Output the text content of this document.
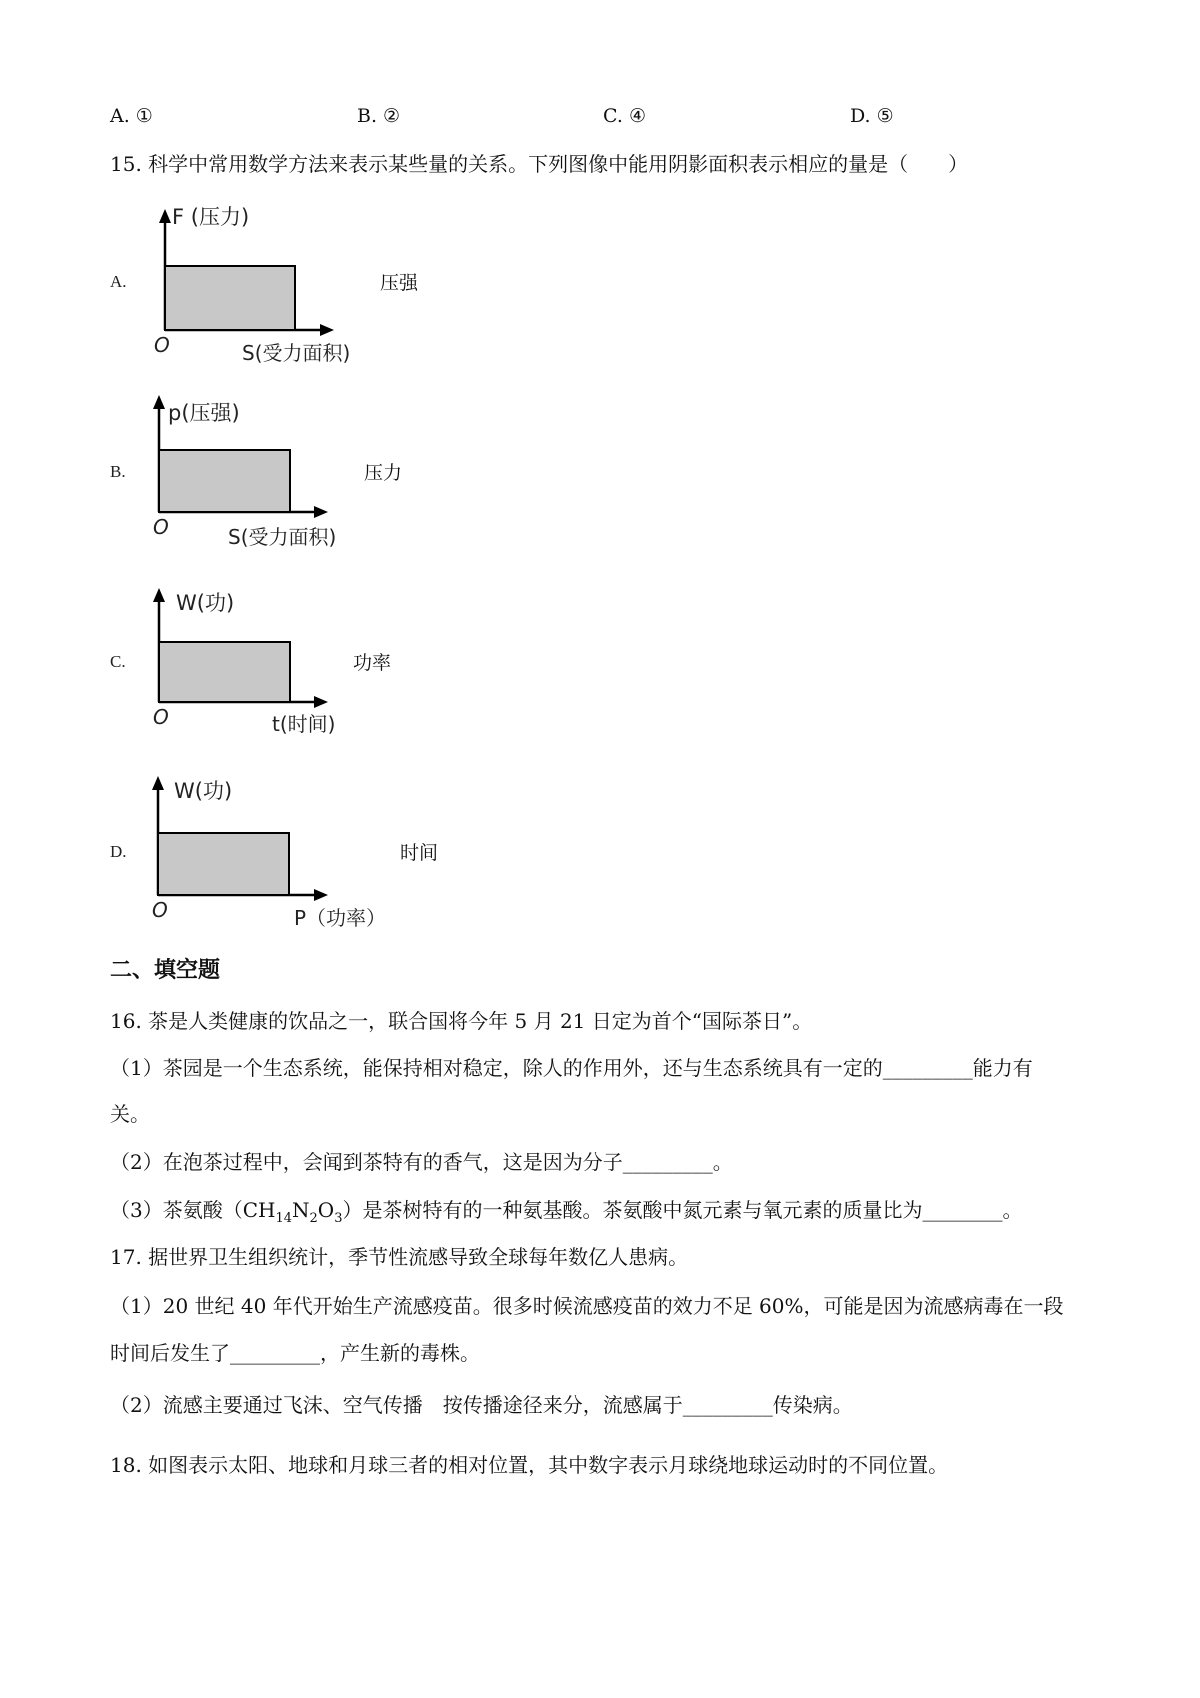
A. ①	B. ②	C. ④	D. ⑤
15. 科学中常用数学方法来表示某些量的关系。下列图像中能用阴影面积表示相应的量是（　　）
A.
F (压力)
O	S(受力面积)
压强
B.
p(压强)
O	S(受力面积)
压力
C.
W(功)
O	t(时间)
功率
D.
W(功)
O	P（功率）
时间
二、填空题
16. 茶是人类健康的饮品之一，联合国将今年 5 月 21 日定为首个“国际茶日”。
（1）茶园是一个生态系统，能保持相对稳定，除人的作用外，还与生态系统具有一定的_________能力有
关。
（2）在泡茶过程中，会闻到茶特有的香气，这是因为分子_________。
（3）茶氨酸$(CH_{14}N_2O_3)$是茶树特有的一种氨基酸。茶氨酸中氮元素与氧元素的质量比为________。
17. 据世界卫生组织统计，季节性流感导致全球每年数亿人患病。
（1）20 世纪 40 年代开始生产流感疫苗。很多时候流感疫苗的效力不足 60%，可能是因为流感病毒在一段
时间后发生了_________，产生新的毒株。
（2）流感主要通过飞沫、空气传播　按传播途径来分，流感属于_________传染病。
18. 如图表示太阳、地球和月球三者的相对位置，其中数字表示月球绕地球运动时的不同位置。
